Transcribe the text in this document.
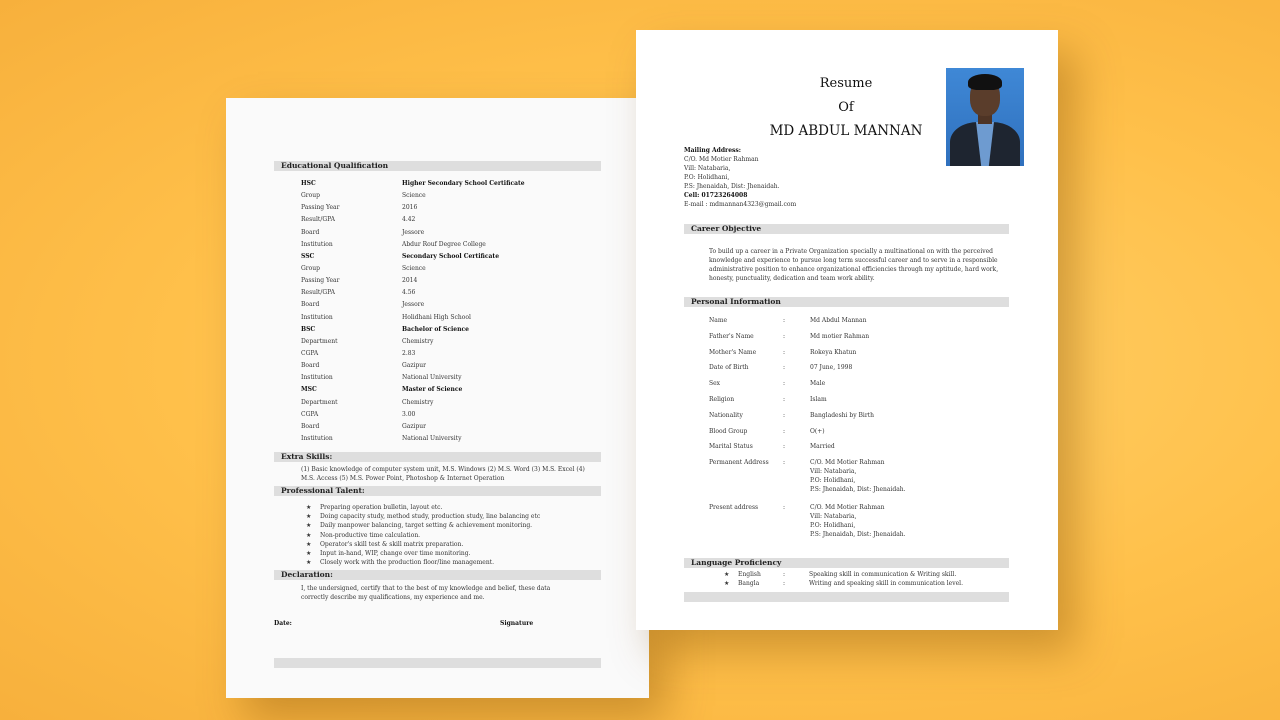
Educational Qualification
HSC	Higher Secondary School Certificate
Group	Science
Passing Year	2016
Result/GPA	4.42
Board	Jessore
Institution	Abdur Rouf Degree College
SSC	Secondary School Certificate
Group	Science
Passing Year	2014
Result/GPA	4.56
Board	Jessore
Institution	Holidhani High School
BSC	Bachelor of Science
Department	Chemistry
CGPA	2.83
Board	Gazipur
Institution	National University
MSC	Master of Science
Department	Chemistry
CGPA	3.00
Board	Gazipur
Institution	National University
Extra Skills:
(1) Basic knowledge of computer system unit, M.S. Windows (2) M.S. Word (3) M.S. Excel (4)
M.S. Access (5) M.S. Power Point, Photoshop & Internet Operation
Professional Talent:
★ Preparing operation bulletin, layout etc.
★ Doing capacity study, method study, production study, line balancing etc
★ Daily manpower balancing, target setting & achievement monitoring.
★ Non-productive time calculation.
★ Operator's skill test & skill matrix preparation.
★ Input in-hand, WIP, change over time monitoring.
★ Closely work with the production floor/line management.
Declaration:
I, the undersigned, certify that to the best of my knowledge and belief, these data
correctly describe my qualifications, my experience and me.
Date:	Signature
Resume
Of
MD ABDUL MANNAN
Mailing Address:
C/O. Md Motier Rahman
Vill: Natabaria,
P.O: Holidhani,
P.S: Jhenaidah, Dist: Jhenaidah.
Cell: 01723264008
E-mail : mdmannan4323@gmail.com
Career Objective
To build up a career in a Private Organization specially a multinational on with the perceived
knowledge and experience to pursue long term successful career and to serve in a responsible
administrative position to enhance organizational efficiencies through my aptitude, hard work,
honesty, punctuality, dedication and team work ability.
Personal Information
Name	:	Md Abdul Mannan
Father's Name	:	Md motier Rahman
Mother's Name	:	Rokeya Khatun
Date of Birth	:	07 June, 1998
Sex	:	Male
Religion	:	Islam
Nationality	:	Bangladeshi by Birth
Blood Group	:	O(+)
Marital Status	:	Married
Permanent Address :	C/O. Md Motier Rahman
Vill: Natabaria,
P.O: Holidhani,
P.S: Jhenaidah, Dist: Jhenaidah.
Present address	:	C/O. Md Motier Rahman
Vill: Natabaria,
P.O: Holidhani,
P.S: Jhenaidah, Dist: Jhenaidah.
Language Proficiency
★ English	:	Speaking skill in communication & Writing skill.
★ Bangla	:	Writing and speaking skill in communication level.
